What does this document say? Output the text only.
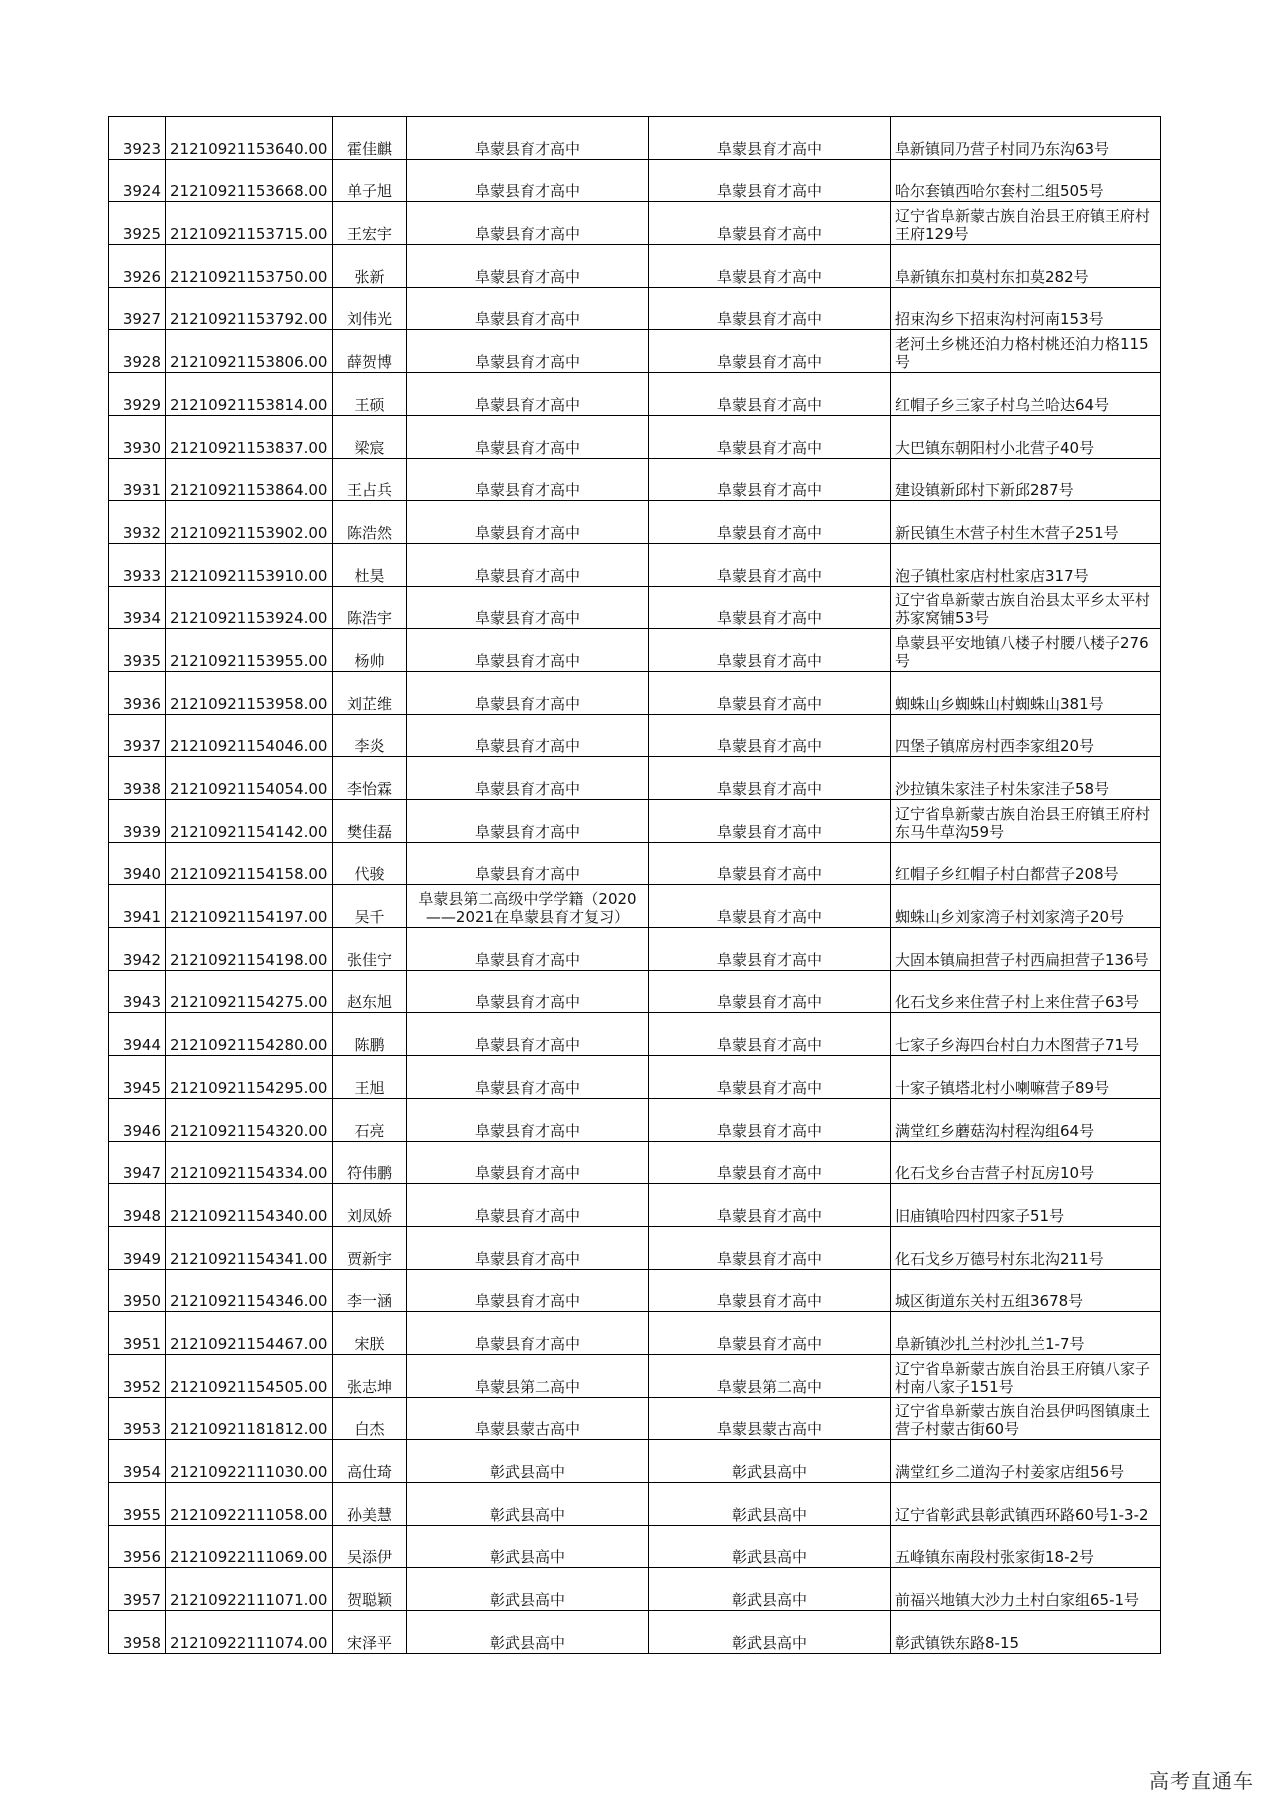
3923	21210921153640.00	霍佳麒	阜蒙县育才高中	阜蒙县育才高中	阜新镇同乃营子村同乃东沟63号
3924	21210921153668.00	单子旭	阜蒙县育才高中	阜蒙县育才高中	哈尔套镇西哈尔套村二组505号
3925	21210921153715.00	王宏宇	阜蒙县育才高中	阜蒙县育才高中	辽宁省阜新蒙古族自治县王府镇王府村王府129号
3926	21210921153750.00	张新	阜蒙县育才高中	阜蒙县育才高中	阜新镇东扣莫村东扣莫282号
3927	21210921153792.00	刘伟光	阜蒙县育才高中	阜蒙县育才高中	招束沟乡下招束沟村河南153号
3928	21210921153806.00	薛贺博	阜蒙县育才高中	阜蒙县育才高中	老河土乡桃还泊力格村桃还泊力格115号
3929	21210921153814.00	王硕	阜蒙县育才高中	阜蒙县育才高中	红帽子乡三家子村乌兰哈达64号
3930	21210921153837.00	梁宸	阜蒙县育才高中	阜蒙县育才高中	大巴镇东朝阳村小北营子40号
3931	21210921153864.00	王占兵	阜蒙县育才高中	阜蒙县育才高中	建设镇新邱村下新邱287号
3932	21210921153902.00	陈浩然	阜蒙县育才高中	阜蒙县育才高中	新民镇生木营子村生木营子251号
3933	21210921153910.00	杜昊	阜蒙县育才高中	阜蒙县育才高中	泡子镇杜家店村杜家店317号
3934	21210921153924.00	陈浩宇	阜蒙县育才高中	阜蒙县育才高中	辽宁省阜新蒙古族自治县太平乡太平村苏家窝铺53号
3935	21210921153955.00	杨帅	阜蒙县育才高中	阜蒙县育才高中	阜蒙县平安地镇八楼子村腰八楼子276号
3936	21210921153958.00	刘芷维	阜蒙县育才高中	阜蒙县育才高中	蜘蛛山乡蜘蛛山村蜘蛛山381号
3937	21210921154046.00	李炎	阜蒙县育才高中	阜蒙县育才高中	四堡子镇席房村西李家组20号
3938	21210921154054.00	李怡霖	阜蒙县育才高中	阜蒙县育才高中	沙拉镇朱家洼子村朱家洼子58号
3939	21210921154142.00	樊佳磊	阜蒙县育才高中	阜蒙县育才高中	辽宁省阜新蒙古族自治县王府镇王府村东马牛草沟59号
3940	21210921154158.00	代骏	阜蒙县育才高中	阜蒙县育才高中	红帽子乡红帽子村白都营子208号
3941	21210921154197.00	吴千	阜蒙县第二高级中学学籍（2020——2021在阜蒙县育才复习）	阜蒙县育才高中	蜘蛛山乡刘家湾子村刘家湾子20号
3942	21210921154198.00	张佳宁	阜蒙县育才高中	阜蒙县育才高中	大固本镇扁担营子村西扁担营子136号
3943	21210921154275.00	赵东旭	阜蒙县育才高中	阜蒙县育才高中	化石戈乡来住营子村上来住营子63号
3944	21210921154280.00	陈鹏	阜蒙县育才高中	阜蒙县育才高中	七家子乡海四台村白力木图营子71号
3945	21210921154295.00	王旭	阜蒙县育才高中	阜蒙县育才高中	十家子镇塔北村小喇嘛营子89号
3946	21210921154320.00	石亮	阜蒙县育才高中	阜蒙县育才高中	满堂红乡蘑菇沟村程沟组64号
3947	21210921154334.00	符伟鹏	阜蒙县育才高中	阜蒙县育才高中	化石戈乡台吉营子村瓦房10号
3948	21210921154340.00	刘凤娇	阜蒙县育才高中	阜蒙县育才高中	旧庙镇哈四村四家子51号
3949	21210921154341.00	贾新宇	阜蒙县育才高中	阜蒙县育才高中	化石戈乡万德号村东北沟211号
3950	21210921154346.00	李一涵	阜蒙县育才高中	阜蒙县育才高中	城区街道东关村五组3678号
3951	21210921154467.00	宋朕	阜蒙县育才高中	阜蒙县育才高中	阜新镇沙扎兰村沙扎兰1-7号
3952	21210921154505.00	张志坤	阜蒙县第二高中	阜蒙县第二高中	辽宁省阜新蒙古族自治县王府镇八家子村南八家子151号
3953	21210921181812.00	白杰	阜蒙县蒙古高中	阜蒙县蒙古高中	辽宁省阜新蒙古族自治县伊吗图镇康土营子村蒙古街60号
3954	21210922111030.00	高仕琦	彰武县高中	彰武县高中	满堂红乡二道沟子村姜家店组56号
3955	21210922111058.00	孙美慧	彰武县高中	彰武县高中	辽宁省彰武县彰武镇西环路60号1-3-2
3956	21210922111069.00	吴添伊	彰武县高中	彰武县高中	五峰镇东南段村张家街18-2号
3957	21210922111071.00	贺聪颖	彰武县高中	彰武县高中	前福兴地镇大沙力土村白家组65-1号
3958	21210922111074.00	宋泽平	彰武县高中	彰武县高中	彰武镇铁东路8-15
高考直通车
